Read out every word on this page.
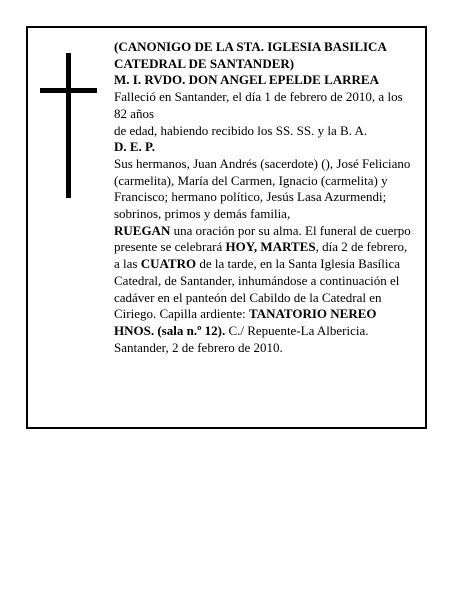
(CANONIGO DE LA STA. IGLESIA BASILICA CATEDRAL DE SANTANDER)

M. I. RVDO. DON ANGEL EPELDE LARREA

Falleció en Santander, el día 1 de febrero de 2010, a los 82 años

de edad, habiendo recibido los SS. SS. y la B. A.

D. E. P.

Sus hermanos, Juan Andrés (sacerdote) (), José Feliciano (carmelita), María del Carmen, Ignacio (carmelita) y Francisco; hermano político, Jesús Lasa Azurmendi; sobrinos, primos y demás familia,

RUEGAN una oración por su alma. El funeral de cuerpo presente se celebrará HOY, MARTES, día 2 de febrero, a las CUATRO de la tarde, en la Santa Iglesia Basílica Catedral, de Santander, inhumándose a continuación el cadáver en el panteón del Cabildo de la Catedral en Ciriego. Capilla ardiente: TANATORIO NEREO HNOS. (sala n.º 12). C./ Repuente-La Albericia.

Santander, 2 de febrero de 2010.
